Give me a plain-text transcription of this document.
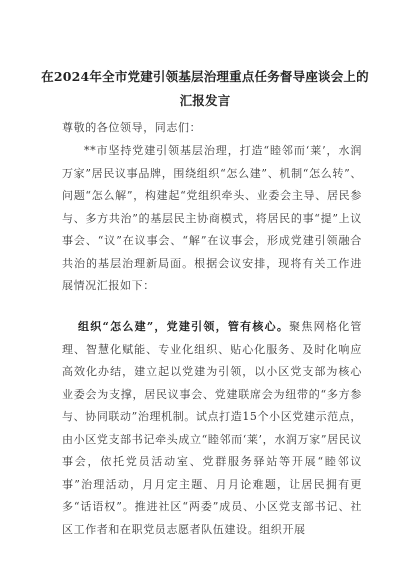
在2024年全市党建引领基层治理重点任务督导座谈会上的
汇报发言
尊敬的各位领导，同志们：
**市坚持党建引领基层治理，打造“睦邻而‘莱’，水润万家”居民议事品牌，围绕组织“怎么建”、机制“怎么转”、问题“怎么解”，构建起“党组织牵头、业委会主导、居民参与、多方共治”的基层民主协商模式，将居民的事“提”上议事会、“议”在议事会、“解”在议事会，形成党建引领融合共治的基层治理新局面。根据会议安排，现将有关工作进展情况汇报如下：
组织“怎么建”，党建引领，管有核心。聚焦网格化管理、智慧化赋能、专业化组织、贴心化服务、及时化响应高效化办结，建立起以党建为引领，以小区党支部为核心业委会为支撑，居民议事会、党建联席会为纽带的“多方参与、协同联动”治理机制。试点打造15个小区党建示范点，由小区党支部书记牵头成立“睦邻而‘莱’，水润万家”居民议事会，依托党员活动室、党群服务驿站等开展“睦邻议事”治理活动，月月定主题、月月论难题，让居民拥有更多“话语权”。推进社区“两委”成员、小区党支部书记、社区工作者和在职党员志愿者队伍建设。组织开展
